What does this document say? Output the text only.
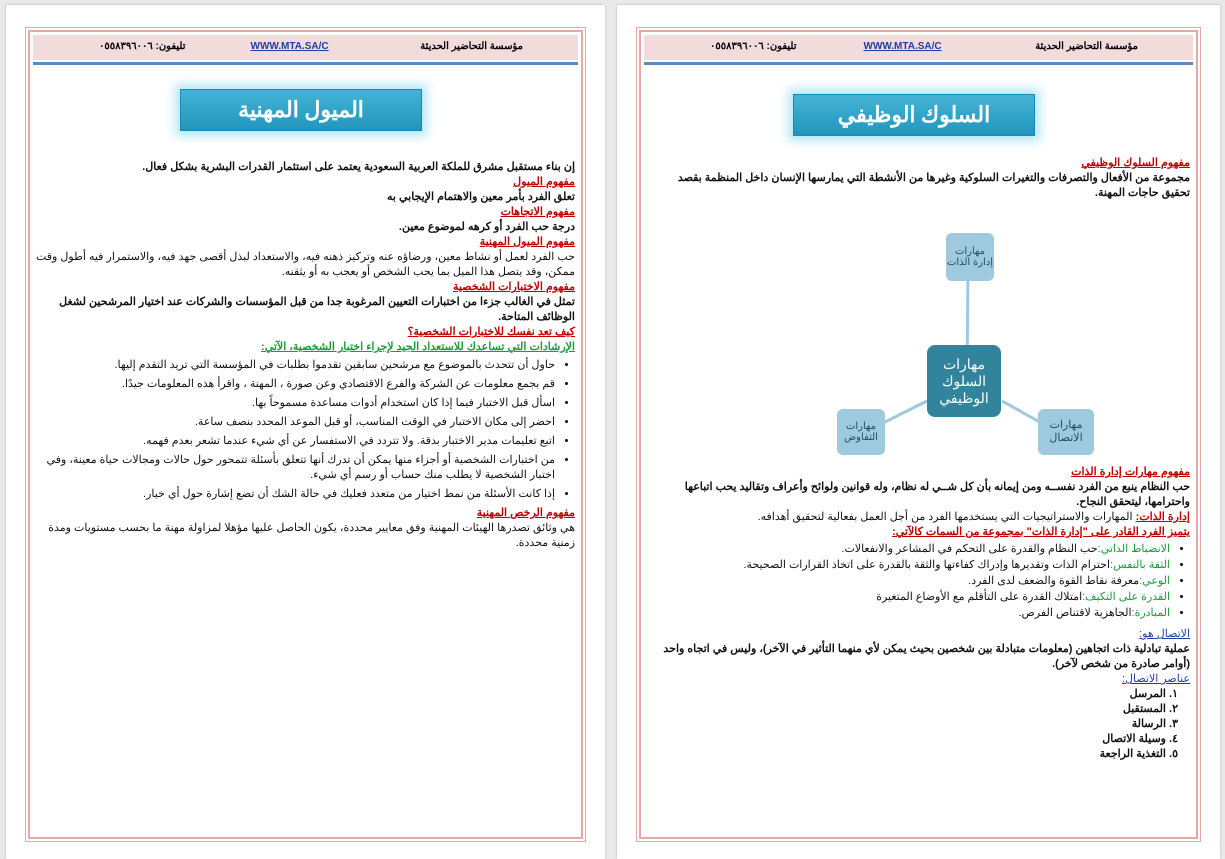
مؤسسة التحاضير الحديثة
WWW.MTA.SA/C
تليفون: ٠٥٥٨٣٩٦٠٠٦
الميول المهنية

إن بناء مستقبل مشرق للملكة العربية السعودية يعتمد على استثمار القدرات البشرية بشكل فعال.

مفهوم الميول

تعلق الفرد بأمر معين والاهتمام الإيجابي به

مفهوم الاتجاهات

درجة حب الفرد أو كرهه لموضوع معين.

مفهوم الميول المهنية

حب الفرد لعمل أو نشاط معين، ورضاؤه عنه وتركيز ذهنه فيه، والاستعداد لبذل أقصى جهد فيه، والاستمرار فيه أطول وقت ممكن، وقد يتصل هذا الميل بما يحب الشخص أو يعجب به أو يثقنه.

مفهوم الاختبارات الشخصية

تمثل في الغالب جزءا من اختبارات التعيين المرغوبة جدا من قبل المؤسسات والشركات عند اختيار المرشحين لشغل الوظائف المتاحة.

كيف تعد نفسك للاختبارات الشخصية؟

الإرشادات التي تساعدك للاستعداد الجيد لإجراء اختبار الشخصية، الآتي:

• حاول أن تتحدث بالموضوع مع مرشحين سابقين تقدموا بطلبات في المؤسسة التي تريد التقدم إليها.
• قم بجمع معلومات عن الشركة والفرع الاقتصادي وعن صورة ، المهنة ، واقرأ هذه المعلومات جيدًا.
• اسأل قبل الاختبار فيما إذا كان استخدام أدوات مساعدة مسموحاً بها.
• احضر إلى مكان الاختبار في الوقت المناسب، أو قبل الموعد المحدد بنصف ساعة.
• اتبع تعليمات مدير الاختبار بدقة. ولا تتردد في الاستفسار عن أي شيء عندما تشعر بعدم فهمه.
• من اختبارات الشخصية أو أجزاء منها يمكن أن تدرك أنها تتعلق بأسئلة تتمحور حول حالات ومجالات حياة معينة، وفي اختبار الشخصية لا يطلب منك حساب أو رسم أي شيء.
• إذا كانت الأسئلة من نمط اختيار من متعدد فعليك في حالة الشك أن تضع إشارة حول أي خيار.

مفهوم الرخص المهنية

هي وثائق تصدرها الهيئات المهنية وفق معايير محددة، يكون الحاصل عليها مؤهلا لمزاولة مهنة ما بحسب مستويات ومدة زمنية محددة.

مؤسسة التحاضير الحديثة
WWW.MTA.SA/C
تليفون: ٠٥٥٨٣٩٦٠٠٦
السلوك الوظيفي

مفهوم السلوك الوظيفي

مجموعة من الأفعال والتصرفات والتغيرات السلوكية وغيرها من الأنشطة التي يمارسها الإنسان داخل المنظمة بقصد تحقيق حاجات المهنة.

مهارات إدارة الذات
مهارات السلوك الوظيفي
مهارات التفاوض
مهارات الاتصال

مفهوم مهارات إدارة الذات

حب النظام ينبع من الفرد نفســه ومن إيمانه بأن كل شــي له نظام، وله قوانين ولوائح وأعراف وتقاليد يحب اتباعها واحترامها، ليتحقق النجاح.

إدارة الذات: المهارات والاستراتيجيات التي يستخدمها الفرد من أجل العمل بفعالية لتحقيق أهدافه.

يتميز الفرد القادر على "إدارة الذات" بمجموعة من السمات كالآتي:

• الانضباط الذاتي:حب النظام والقدرة على التحكم في المشاعر والانفعالات.
• الثقة بالنفس:احترام الذات وتقديرها وإدراك كفاءتها والثقة بالقدرة على اتخاذ القرارات الصحيحة.
• الوعي:معرفة نقاط القوة والضعف لدى الفرد.
• القدرة على التكيف:امتلاك القدرة على التأقلم مع الأوضاع المتغيرة
• المبادرة:الجاهزية لاقتناص الفرص.

الاتصال هو:

عملية تبادلية ذات اتجاهين (معلومات متبادلة بين شخصين بحيث يمكن لأي منهما التأثير في الآخر)، وليس في اتجاه واحد (أوامر صادرة من شخص لآخر).

عناصر الاتصال:

1. المرسل
2. المستقبل
3. الرسالة
4. وسيلة الاتصال
5. التغذية الراجعة
